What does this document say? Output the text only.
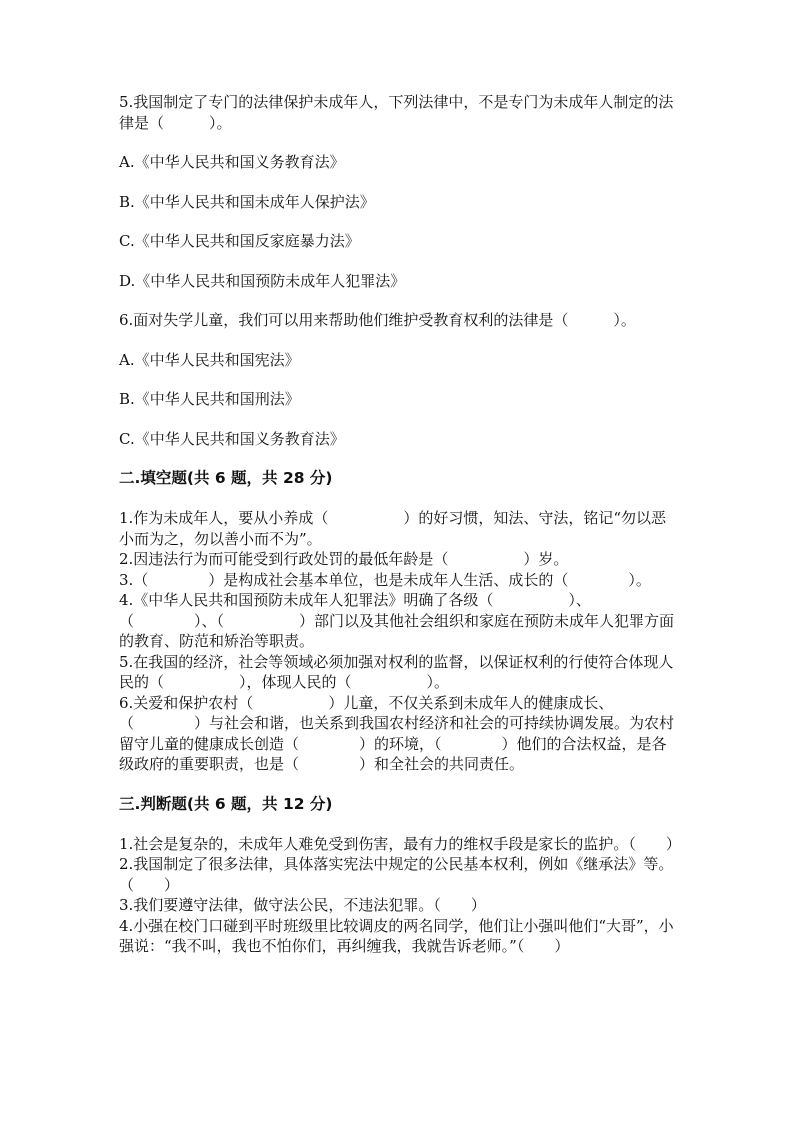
5.我国制定了专门的法律保护未成年人，下列法律中，不是专门为未成年人制定的法律是（　　　）。

A.《中华人民共和国义务教育法》

B.《中华人民共和国未成年人保护法》

C.《中华人民共和国反家庭暴力法》

D.《中华人民共和国预防未成年人犯罪法》

6.面对失学儿童，我们可以用来帮助他们维护受教育权利的法律是（　　　）。

A.《中华人民共和国宪法》

B.《中华人民共和国刑法》

C.《中华人民共和国义务教育法》

二.填空题(共 6 题，共 28 分)

1.作为未成年人，要从小养成（　　　　　）的好习惯，知法、守法，铭记“勿以恶小而为之，勿以善小而不为”。

2.因违法行为而可能受到行政处罚的最低年龄是（　　　　　）岁。

3.（　　　　）是构成社会基本单位，也是未成年人生活、成长的（　　　　）。

4.《中华人民共和国预防未成年人犯罪法》明确了各级（　　　　　）、（　　　　）、（　　　　　）部门以及其他社会组织和家庭在预防未成年人犯罪方面的教育、防范和矫治等职责。

5.在我国的经济，社会等领域必须加强对权利的监督，以保证权利的行使符合体现人民的（　　　　　），体现人民的（　　　　　）。

6.关爱和保护农村（　　　　　）儿童，不仅关系到未成年人的健康成长、（　　　　）与社会和谐，也关系到我国农村经济和社会的可持续协调发展。为农村留守儿童的健康成长创造（　　　　）的环境，（　　　　）他们的合法权益，是各级政府的重要职责，也是（　　　　）和全社会的共同责任。

三.判断题(共 6 题，共 12 分)

1.社会是复杂的，未成年人难免受到伤害，最有力的维权手段是家长的监护。（　　）

2.我国制定了很多法律，具体落实宪法中规定的公民基本权利，例如《继承法》等。（　　）

3.我们要遵守法律，做守法公民，不违法犯罪。（　　）

4.小强在校门口碰到平时班级里比较调皮的两名同学，他们让小强叫他们“大哥”，小强说：“我不叫，我也不怕你们，再纠缠我，我就告诉老师。”（　　）
